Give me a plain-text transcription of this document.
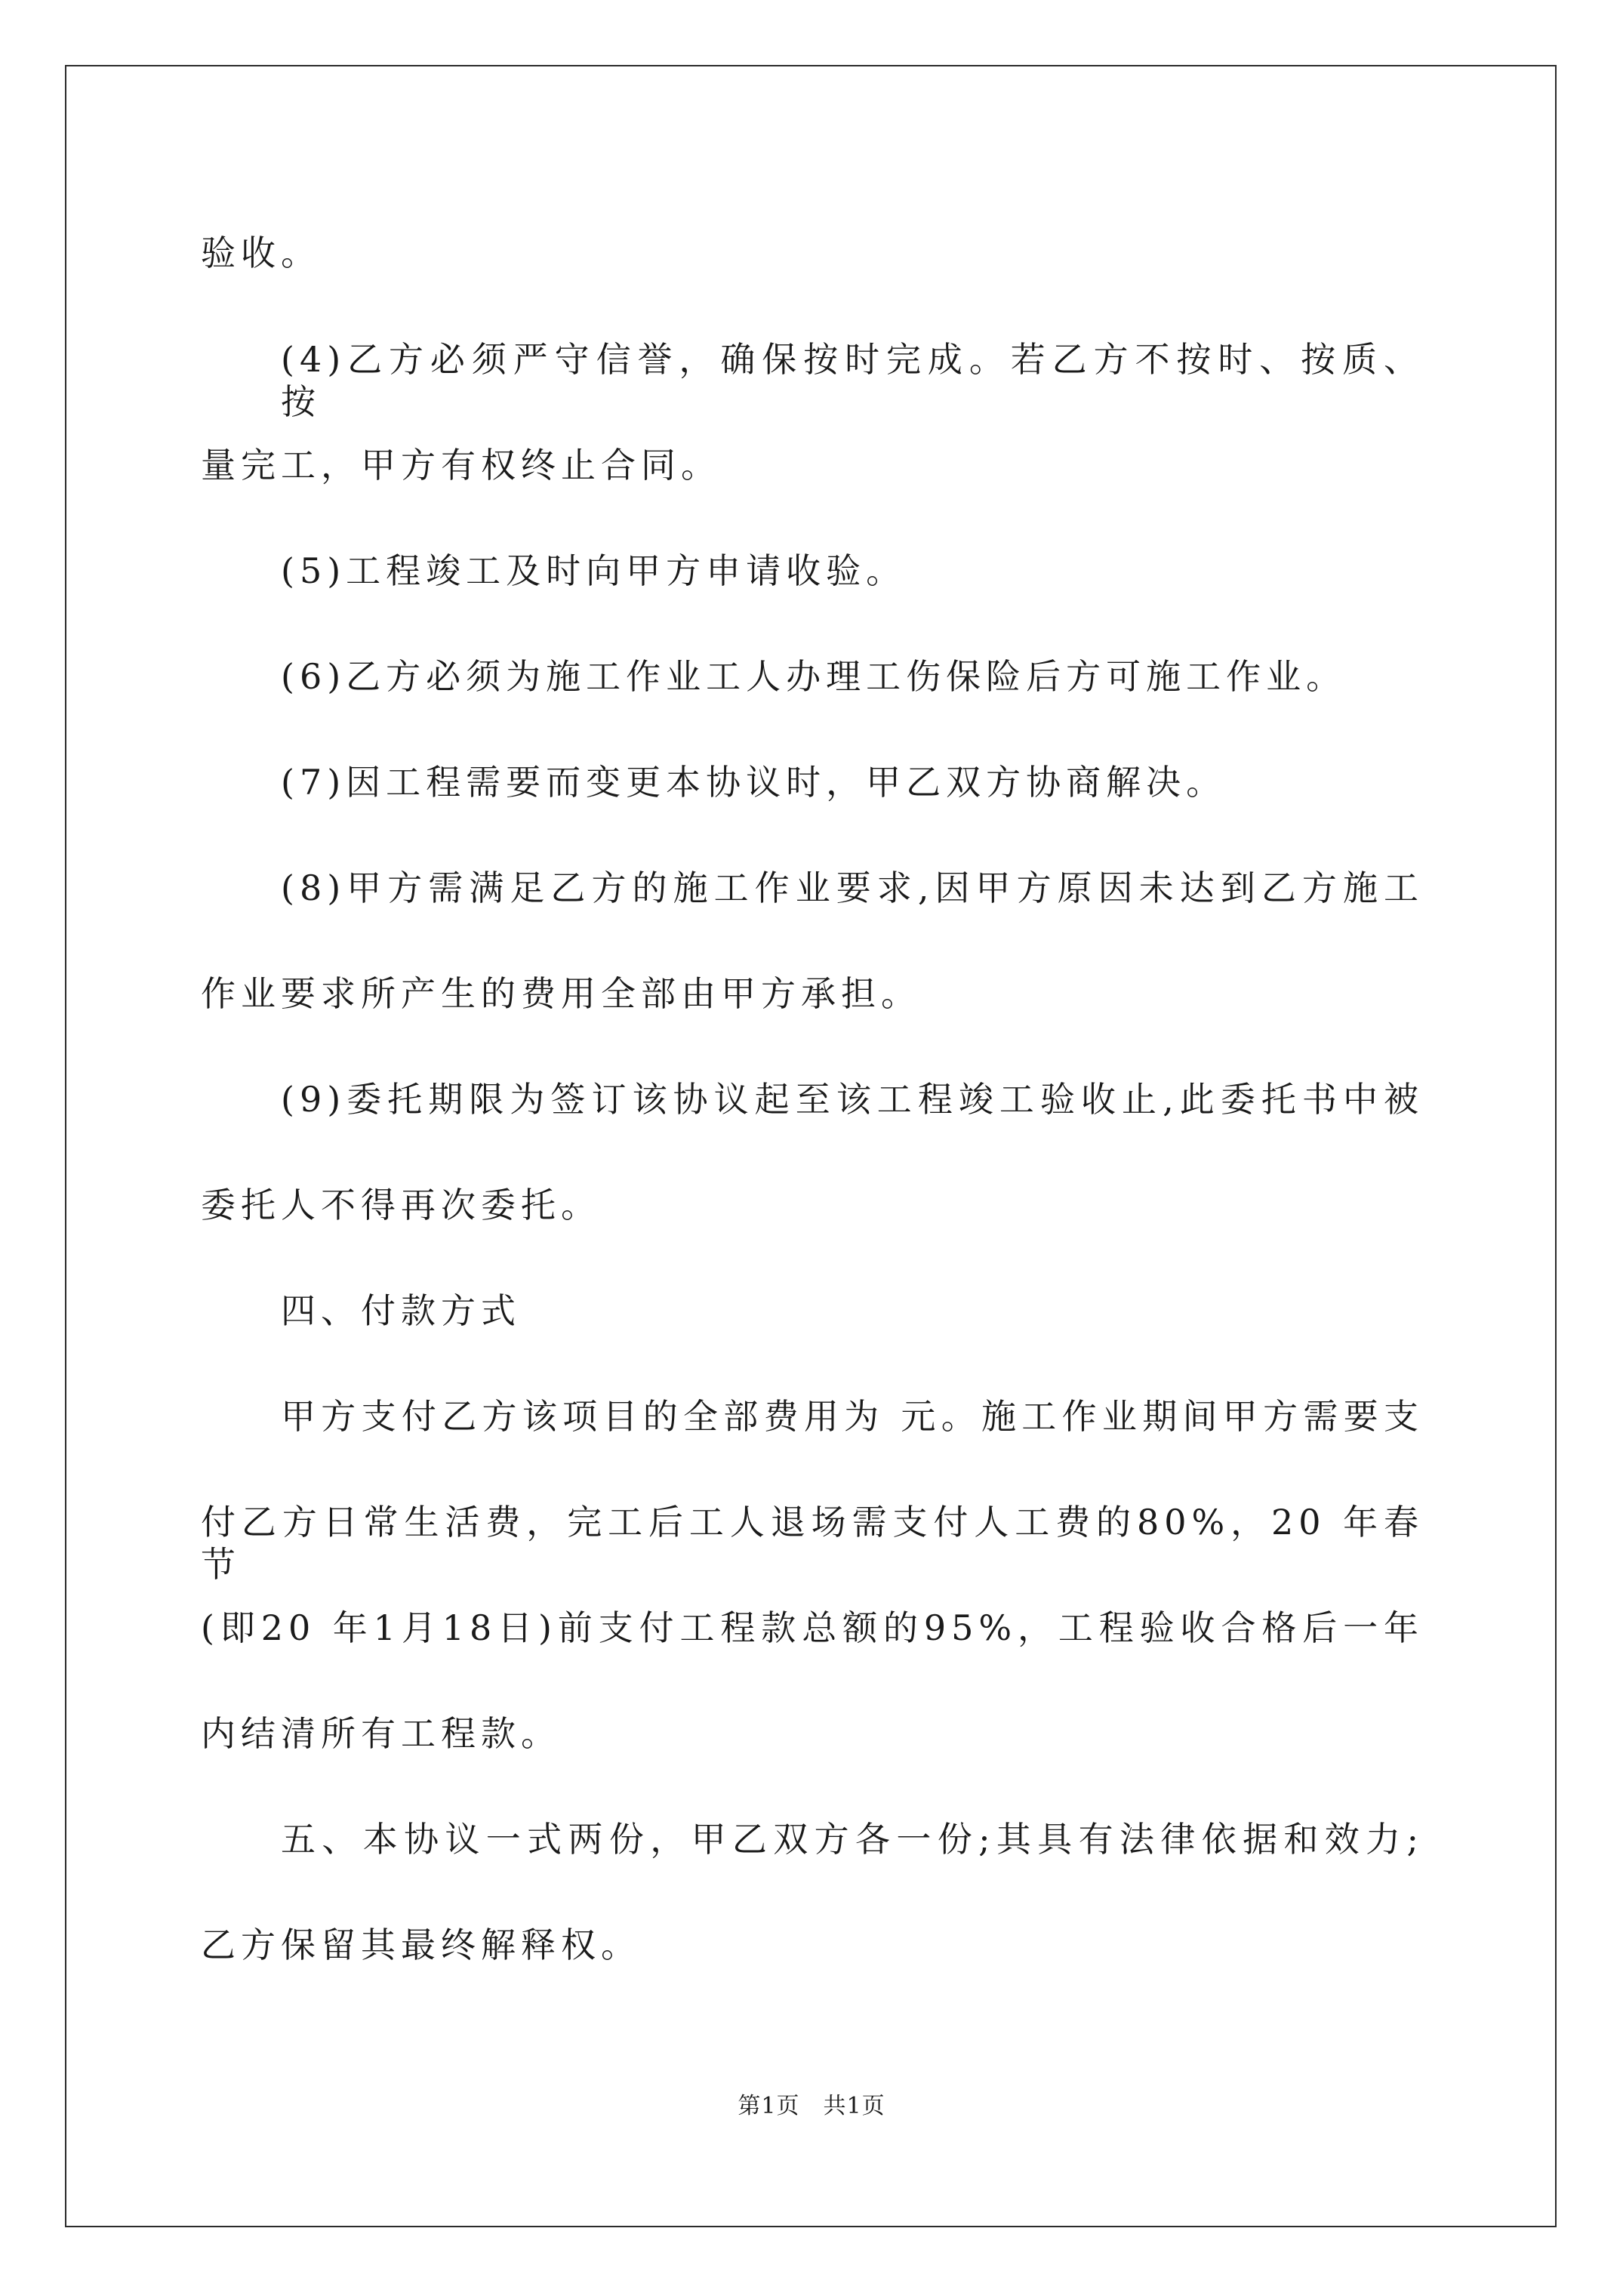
验收。
(4)乙方必须严守信誉，确保按时完成。若乙方不按时、按质、按
量完工，甲方有权终止合同。
(5)工程竣工及时向甲方申请收验。
(6)乙方必须为施工作业工人办理工伤保险后方可施工作业。
(7)因工程需要而变更本协议时，甲乙双方协商解决。
(8)甲方需满足乙方的施工作业要求,因甲方原因未达到乙方施工
作业要求所产生的费用全部由甲方承担。
(9)委托期限为签订该协议起至该工程竣工验收止,此委托书中被
委托人不得再次委托。
四、付款方式
甲方支付乙方该项目的全部费用为 元。施工作业期间甲方需要支
付乙方日常生活费，完工后工人退场需支付人工费的80%，20 年春节
(即20 年1月18日)前支付工程款总额的95%，工程验收合格后一年
内结清所有工程款。
五、本协议一式两份，甲乙双方各一份;其具有法律依据和效力;
乙方保留其最终解释权。
第1页　共1页
